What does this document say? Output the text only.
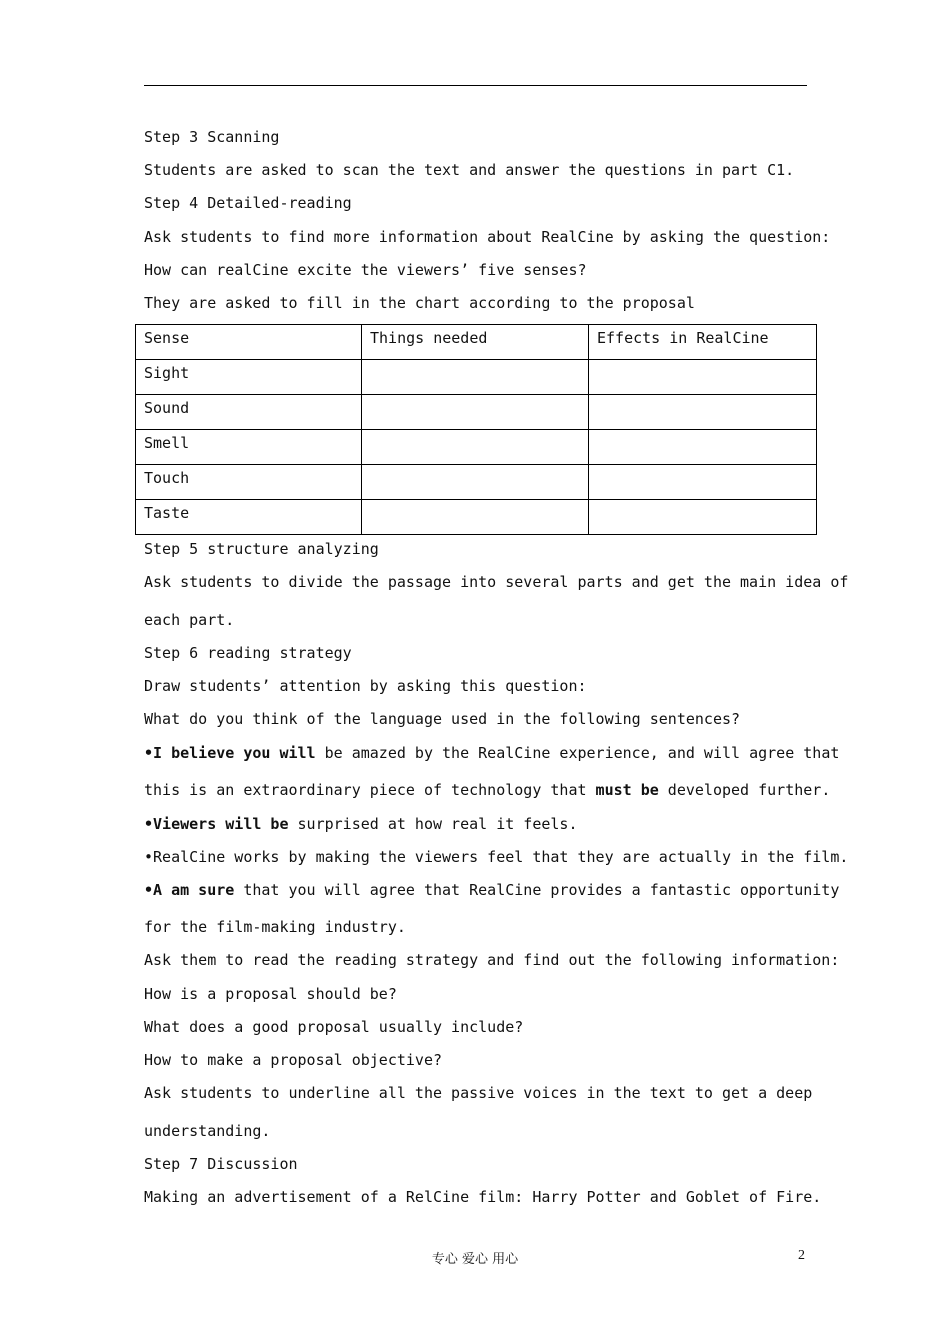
Step 3 Scanning
Students are asked to scan the text and answer the questions in part C1.
Step 4 Detailed-reading
Ask students to find more information about RealCine by asking the question:
How can realCine excite the viewers’ five senses?
They are asked to fill in the chart according to the proposal
Sense	Things needed	Effects in RealCine
Sight		
Sound		
Smell		
Touch		
Taste		
Step 5 structure analyzing
Ask students to divide the passage into several parts and get the main idea of
each part.
Step 6 reading strategy
Draw students’ attention by asking this question:
What do you think of the language used in the following sentences?
•I believe you will be amazed by the RealCine experience, and will agree that
this is an extraordinary piece of technology that must be developed further.
•Viewers will be surprised at how real it feels.
•RealCine works by making the viewers feel that they are actually in the film.
•A am sure that you will agree that RealCine provides a fantastic opportunity
for the film-making industry.
Ask them to read the reading strategy and find out the following information:
How is a proposal should be?
What does a good proposal usually include?
How to make a proposal objective?
Ask students to underline all the passive voices in the text to get a deep
understanding.
Step 7 Discussion
Making an advertisement of a RelCine film: Harry Potter and Goblet of Fire.
专心 爱心 用心	2
